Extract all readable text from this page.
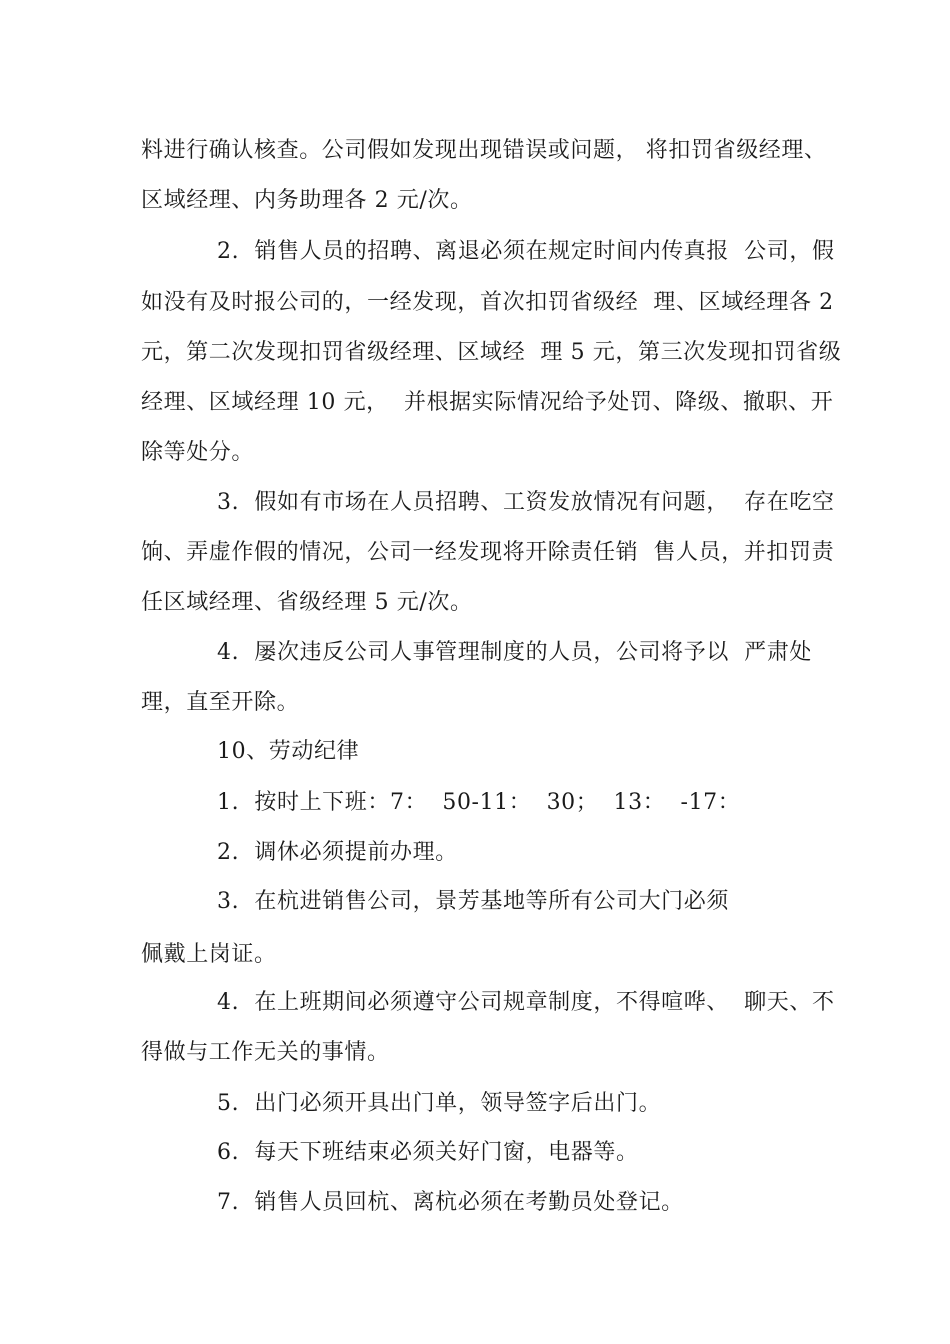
料进行确认核查。公司假如发现出现错误或问题， 将扣罚省级经理、
区域经理、内务助理各 2 元/次。
2.  销售人员的招聘、离退必须在规定时间内传真报  公司，假
如没有及时报公司的，一经发现，首次扣罚省级经  理、区域经理各 2
元，第二次发现扣罚省级经理、区域经  理 5 元，第三次发现扣罚省级
经理、区域经理 10 元，  并根据实际情况给予处罚、降级、撤职、开
除等处分。
3.  假如有市场在人员招聘、工资发放情况有问题，  存在吃空
饷、弄虚作假的情况，公司一经发现将开除责任销  售人员，并扣罚责
任区域经理、省级经理 5 元/次。
4.  屡次违反公司人事管理制度的人员，公司将予以  严肃处
理，直至开除。
10、劳动纪律
1.  按时上下班：7：  50-11：  30；  13：  -17：
2.  调休必须提前办理。
3.  在杭进销售公司，景芳基地等所有公司大门必须
佩戴上岗证。
4.  在上班期间必须遵守公司规章制度，不得喧哗、  聊天、不
得做与工作无关的事情。
5.  出门必须开具出门单，领导签字后出门。
6.  每天下班结束必须关好门窗，电器等。
7.  销售人员回杭、离杭必须在考勤员处登记。
